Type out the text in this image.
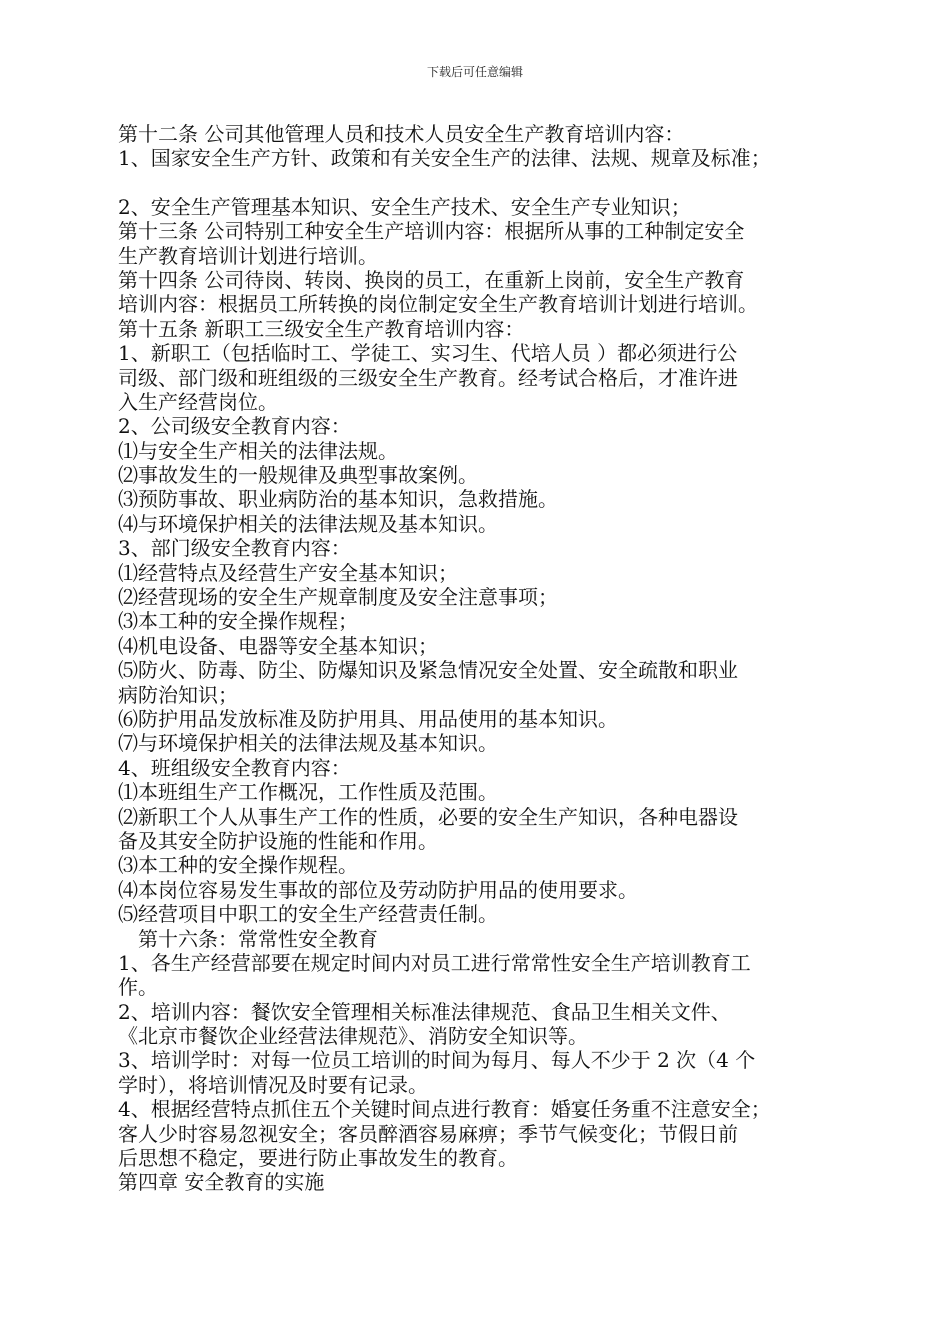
下载后可任意编辑
第十二条 公司其他管理人员和技术人员安全生产教育培训内容：
1、国家安全生产方针、政策和有关安全生产的法律、法规、规章及标准；
2、安全生产管理基本知识、安全生产技术、安全生产专业知识；
第十三条 公司特别工种安全生产培训内容：根据所从事的工种制定安全
生产教育培训计划进行培训。
第十四条 公司待岗、转岗、换岗的员工，在重新上岗前，安全生产教育
培训内容：根据员工所转换的岗位制定安全生产教育培训计划进行培训。
第十五条 新职工三级安全生产教育培训内容：
1、新职工（包括临时工、学徒工、实习生、代培人员 ）都必须进行公
司级、部门级和班组级的三级安全生产教育。经考试合格后，才准许进
入生产经营岗位。
2、公司级安全教育内容：
⑴与安全生产相关的法律法规。
⑵事故发生的一般规律及典型事故案例。
⑶预防事故、职业病防治的基本知识，急救措施。
⑷与环境保护相关的法律法规及基本知识。
3、部门级安全教育内容：
⑴经营特点及经营生产安全基本知识；
⑵经营现场的安全生产规章制度及安全注意事项；
⑶本工种的安全操作规程；
⑷机电设备、电器等安全基本知识；
⑸防火、防毒、防尘、防爆知识及紧急情况安全处置、安全疏散和职业
病防治知识；
⑹防护用品发放标准及防护用具、用品使用的基本知识。
⑺与环境保护相关的法律法规及基本知识。
4、班组级安全教育内容：
⑴本班组生产工作概况，工作性质及范围。
⑵新职工个人从事生产工作的性质，必要的安全生产知识，各种电器设
备及其安全防护设施的性能和作用。
⑶本工种的安全操作规程。
⑷本岗位容易发生事故的部位及劳动防护用品的使用要求。
⑸经营项目中职工的安全生产经营责任制。
第十六条：常常性安全教育
1、各生产经营部要在规定时间内对员工进行常常性安全生产培训教育工
作。
2、培训内容：餐饮安全管理相关标准法律规范、食品卫生相关文件、
《北京市餐饮企业经营法律规范》、消防安全知识等。
3、培训学时：对每一位员工培训的时间为每月、每人不少于 2 次（4 个
学时），将培训情况及时要有记录。
4、根据经营特点抓住五个关键时间点进行教育：婚宴任务重不注意安全；
客人少时容易忽视安全；客员醉酒容易麻痹；季节气候变化；节假日前
后思想不稳定，要进行防止事故发生的教育。
第四章 安全教育的实施
